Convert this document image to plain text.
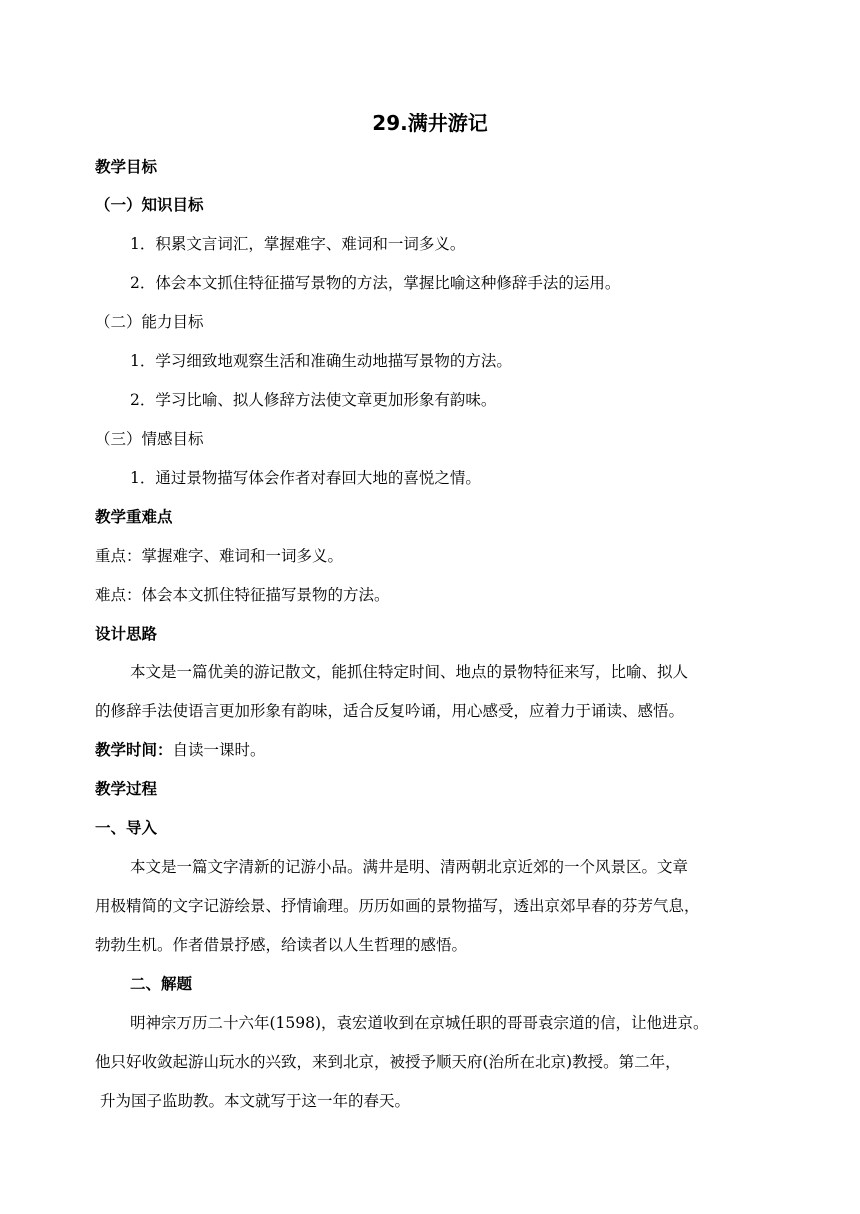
29.满井游记

教学目标

（一）知识目标

1．积累文言词汇，掌握难字、难词和一词多义。

2．体会本文抓住特征描写景物的方法，掌握比喻这种修辞手法的运用。

（二）能力目标

1．学习细致地观察生活和准确生动地描写景物的方法。

2．学习比喻、拟人修辞方法使文章更加形象有韵味。

（三）情感目标

1．通过景物描写体会作者对春回大地的喜悦之情。

教学重难点

重点：掌握难字、难词和一词多义。

难点：体会本文抓住特征描写景物的方法。

设计思路

本文是一篇优美的游记散文，能抓住特定时间、地点的景物特征来写，比喻、拟人

的修辞手法使语言更加形象有韵味，适合反复吟诵，用心感受，应着力于诵读、感悟。

教学时间：自读一课时。

教学过程

一、导入

本文是一篇文字清新的记游小品。满井是明、清两朝北京近郊的一个风景区。文章

用极精简的文字记游绘景、抒情谕理。历历如画的景物描写，透出京郊早春的芬芳气息，

勃勃生机。作者借景抒感，给读者以人生哲理的感悟。

二、解题

明神宗万历二十六年(1598)，袁宏道收到在京城任职的哥哥袁宗道的信，让他进京。

他只好收敛起游山玩水的兴致，来到北京，被授予顺天府(治所在北京)教授。第二年，

升为国子监助教。本文就写于这一年的春天。
